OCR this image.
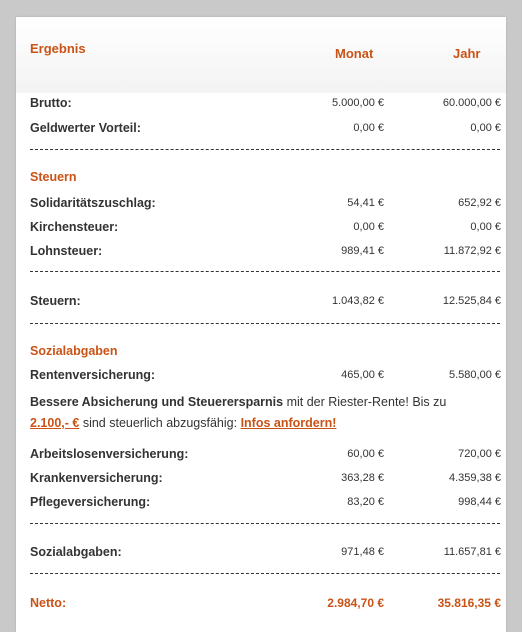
Ergebnis	Monat	Jahr
Brutto:	5.000,00 €	60.000,00 €
Geldwerter Vorteil:	0,00 €	0,00 €
Steuern
Solidaritätszuschlag:	54,41 €	652,92 €
Kirchensteuer:	0,00 €	0,00 €
Lohnsteuer:	989,41 €	11.872,92 €
Steuern:	1.043,82 €	12.525,84 €
Sozialabgaben
Rentenversicherung:	465,00 €	5.580,00 €
Bessere Absicherung und Steuerersparnis mit der Riester-Rente! Bis zu
2.100,- € sind steuerlich abzugsfähig: Infos anfordern!
Arbeitslosenversicherung:	60,00 €	720,00 €
Krankenversicherung:	363,28 €	4.359,38 €
Pflegeversicherung:	83,20 €	998,44 €
Sozialabgaben:	971,48 €	11.657,81 €
Netto:	2.984,70 €	35.816,35 €
